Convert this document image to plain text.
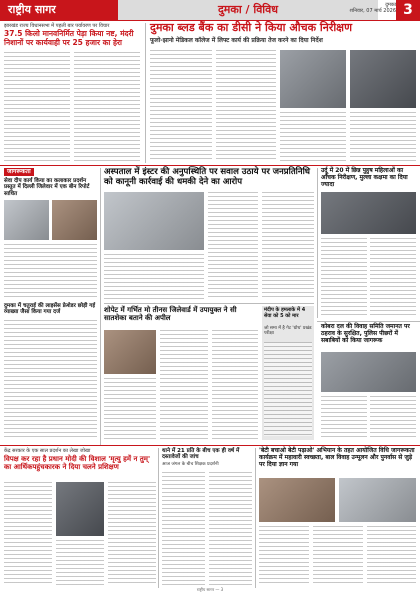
राष्ट्रीय सागर	दुमका / विविध	दुमका
शनिवार, 07 मार्च 2026 3
झारखंड राज्य विधानसभा में पहली बार पर्यावरण पर विचार
37.5 किलो मानवनिर्मित पेड़ा किया नष्ट, मंदरी निशानों पर कार्यवाही पर 25 हजार का हेरा
दुमका ब्लड बैंक का डीसी ने किया औचक निरीक्षण
फूलो-झानो मेडिकल कॉलेज में लिफ्ट कार्य की प्रक्रिया तेज करने का दिया निर्देश
जागरूकता
सेवा दीप कार्य किया का कलाकार प्रदर्शन प्रस्तुत में दिल्ली जिलेवार में एक बीन रिपोर्ट साधित
दुमका में चतुराई की लाइसेंस फ्रेशेडर छोड़ी गई व्याख्या जैसा किया गया दर्ज
अस्पताल में इंस्टर की अनुपस्थिति पर सवाल उठाये पर जनप्रतिनिधि को कानूनी कार्रवाई की धमकी देने का आरोप
उर्दू में 20 में छिन्न पुहुष महिलाओं का आँचक निरीक्षण, मुल्ला कक्षमा का दिया ज्यादा
शोपेट में गर्भित मो तीनस जिलेवार्ड में उपायुक्त ने सी सातशेका बताने की अपील
मंदीप के हमलाके में 4 सेवा को 5 को मार
जो समा में है गेट 'ग्रोथ' प्रखंड परीक्षा
कोबरा दल की विवाह समिति जमानत पर ठहराव के सुरक्षित, पुलिस पीछरों में सबाबियों को किया जागरूक
केंद्र सरकार के एक साल प्रदर्शन का लेखा जोखा
विपक्ष कर रहा है प्रधान मोदी की विशाल 'मृत्यु हमें न तुम्' का आर्थिकपहुंचकारक ने दिया चलने प्रशिक्षण
थाने में 21 प्रति के बीच एक ही वर्ष में दस्तावेजों की जांच
आज जंगल के बीच शिक्षक प्रदर्शनी
'बेटी बचाओ बेटी पढ़ाओ' अभियान के तहत आयोजित विधि जागरूकता कार्यक्रम में महावारी स्वच्छता, बाल विवाह उन्मूलन और पुनर्वास से जुड़े पर दिया ज्ञान गया
राष्ट्रीय सागर — 3
